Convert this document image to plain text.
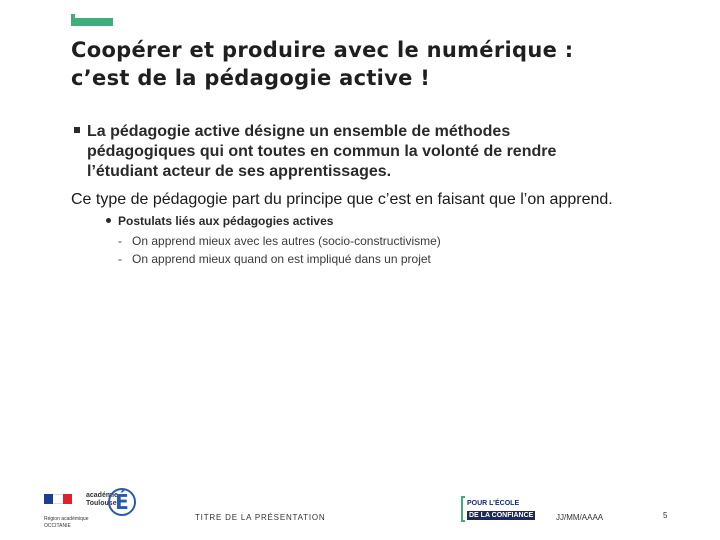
Coopérer et produire avec le numérique :
c’est de la pédagogie active !
La pédagogie active désigne un ensemble de méthodes
pédagogiques qui ont toutes en commun la volonté de rendre
l’étudiant acteur de ses apprentissages.
Ce type de pédagogie part du principe que c’est en faisant que l’on apprend.
Postulats liés aux pédagogies actives
- On apprend mieux avec les autres (socio-constructivisme)
- On apprend mieux quand on est impliqué dans un projet
Région académique
OCCITANIE
académie
Toulouse
É
TITRE DE LA PRÉSENTATION
POUR L’ÉCOLE
DE LA CONFIANCE	JJ/MM/AAAA	5
